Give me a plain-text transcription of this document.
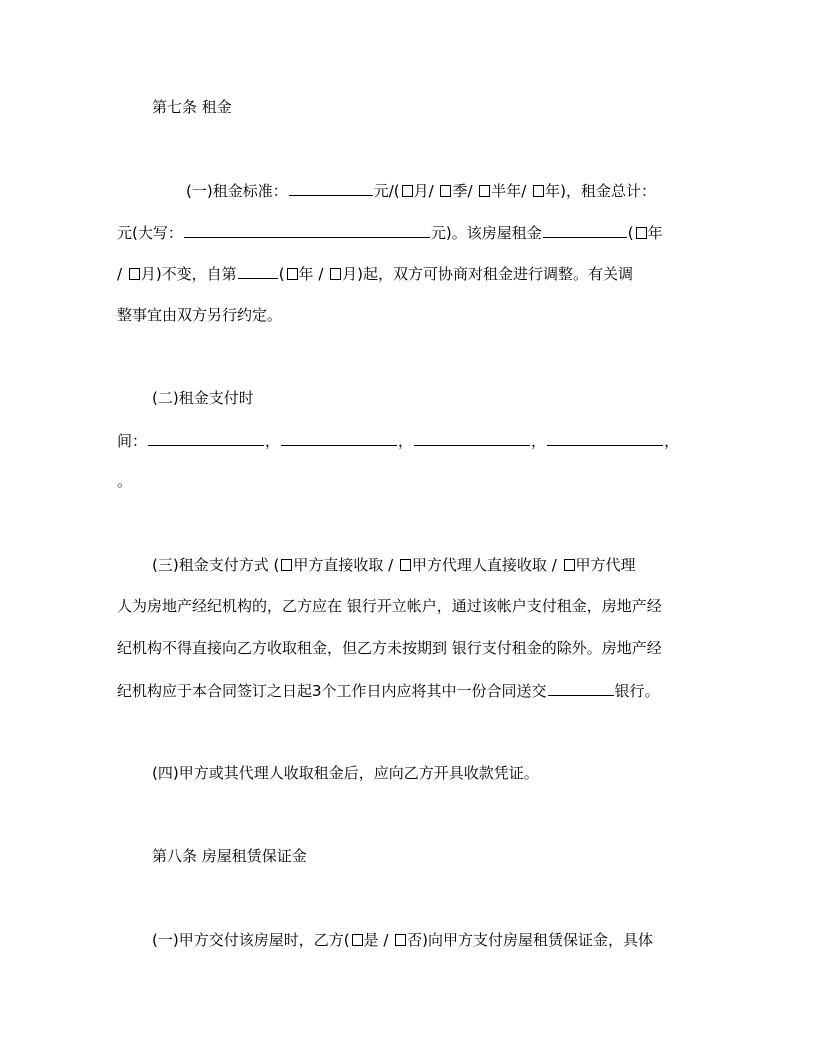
第七条 租金
(一)租金标准：	元/( 月/ 季/ 半年/ 年)，租金总计：
元(大写：	元)。该房屋租金	( 年
/ 月)不变，自第	( 年 / 月)起，双方可协商对租金进行调整。有关调
整事宜由双方另行约定。
(二)租金支付时
间：	，	，	，	，
。
(三)租金支付方式 ( 甲方直接收取 / 甲方代理人直接收取 / 甲方代理
人为房地产经纪机构的，乙方应在 银行开立帐户，通过该帐户支付租金，房地产经
纪机构不得直接向乙方收取租金，但乙方未按期到 银行支付租金的除外。房地产经
纪机构应于本合同签订之日起3个工作日内应将其中一份合同送交	银行。
(四)甲方或其代理人收取租金后，应向乙方开具收款凭证。
第八条 房屋租赁保证金
(一)甲方交付该房屋时，乙方( 是 / 否)向甲方支付房屋租赁保证金，具体
